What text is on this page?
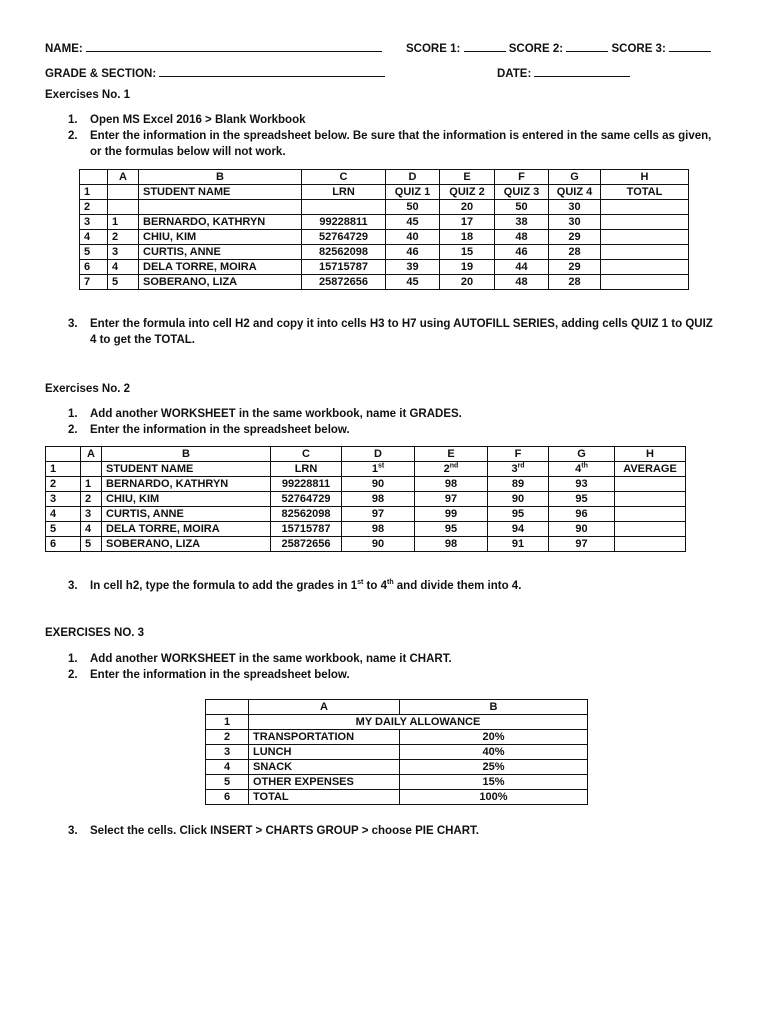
NAME:	SCORE 1:	SCORE 2:	SCORE 3:
GRADE & SECTION:	DATE:
Exercises No. 1
1. Open MS Excel 2016 > Blank Workbook
2. Enter the information in the spreadsheet below. Be sure that the information is entered in the same cells as given, or the formulas below will not work.
	A	B	C	D	E	F	G	H
1		STUDENT NAME	LRN	QUIZ 1	QUIZ 2	QUIZ 3	QUIZ 4	TOTAL
2				50	20	50	30	
3	1	BERNARDO, KATHRYN	99228811	45	17	38	30	
4	2	CHIU, KIM	52764729	40	18	48	29	
5	3	CURTIS, ANNE	82562098	46	15	46	28	
6	4	DELA TORRE, MOIRA	15715787	39	19	44	29	
7	5	SOBERANO, LIZA	25872656	45	20	48	28	
3. Enter the formula into cell H2 and copy it into cells H3 to H7 using AUTOFILL SERIES, adding cells QUIZ 1 to QUIZ 4 to get the TOTAL.
Exercises No. 2
1. Add another WORKSHEET in the same workbook, name it GRADES.
2. Enter the information in the spreadsheet below.
	A	B	C	D	E	F	G	H
1		STUDENT NAME	LRN	1st	2nd	3rd	4th	AVERAGE
2	1	BERNARDO, KATHRYN	99228811	90	98	89	93	
3	2	CHIU, KIM	52764729	98	97	90	95	
4	3	CURTIS, ANNE	82562098	97	99	95	96	
5	4	DELA TORRE, MOIRA	15715787	98	95	94	90	
6	5	SOBERANO, LIZA	25872656	90	98	91	97	
3. In cell h2, type the formula to add the grades in 1st to 4th and divide them into 4.
EXERCISES NO. 3
1. Add another WORKSHEET in the same workbook, name it CHART.
2. Enter the information in the spreadsheet below.
	A	B
1	MY DAILY ALLOWANCE	
2	TRANSPORTATION	20%
3	LUNCH	40%
4	SNACK	25%
5	OTHER EXPENSES	15%
6	TOTAL	100%
3. Select the cells. Click INSERT > CHARTS GROUP > choose PIE CHART.
